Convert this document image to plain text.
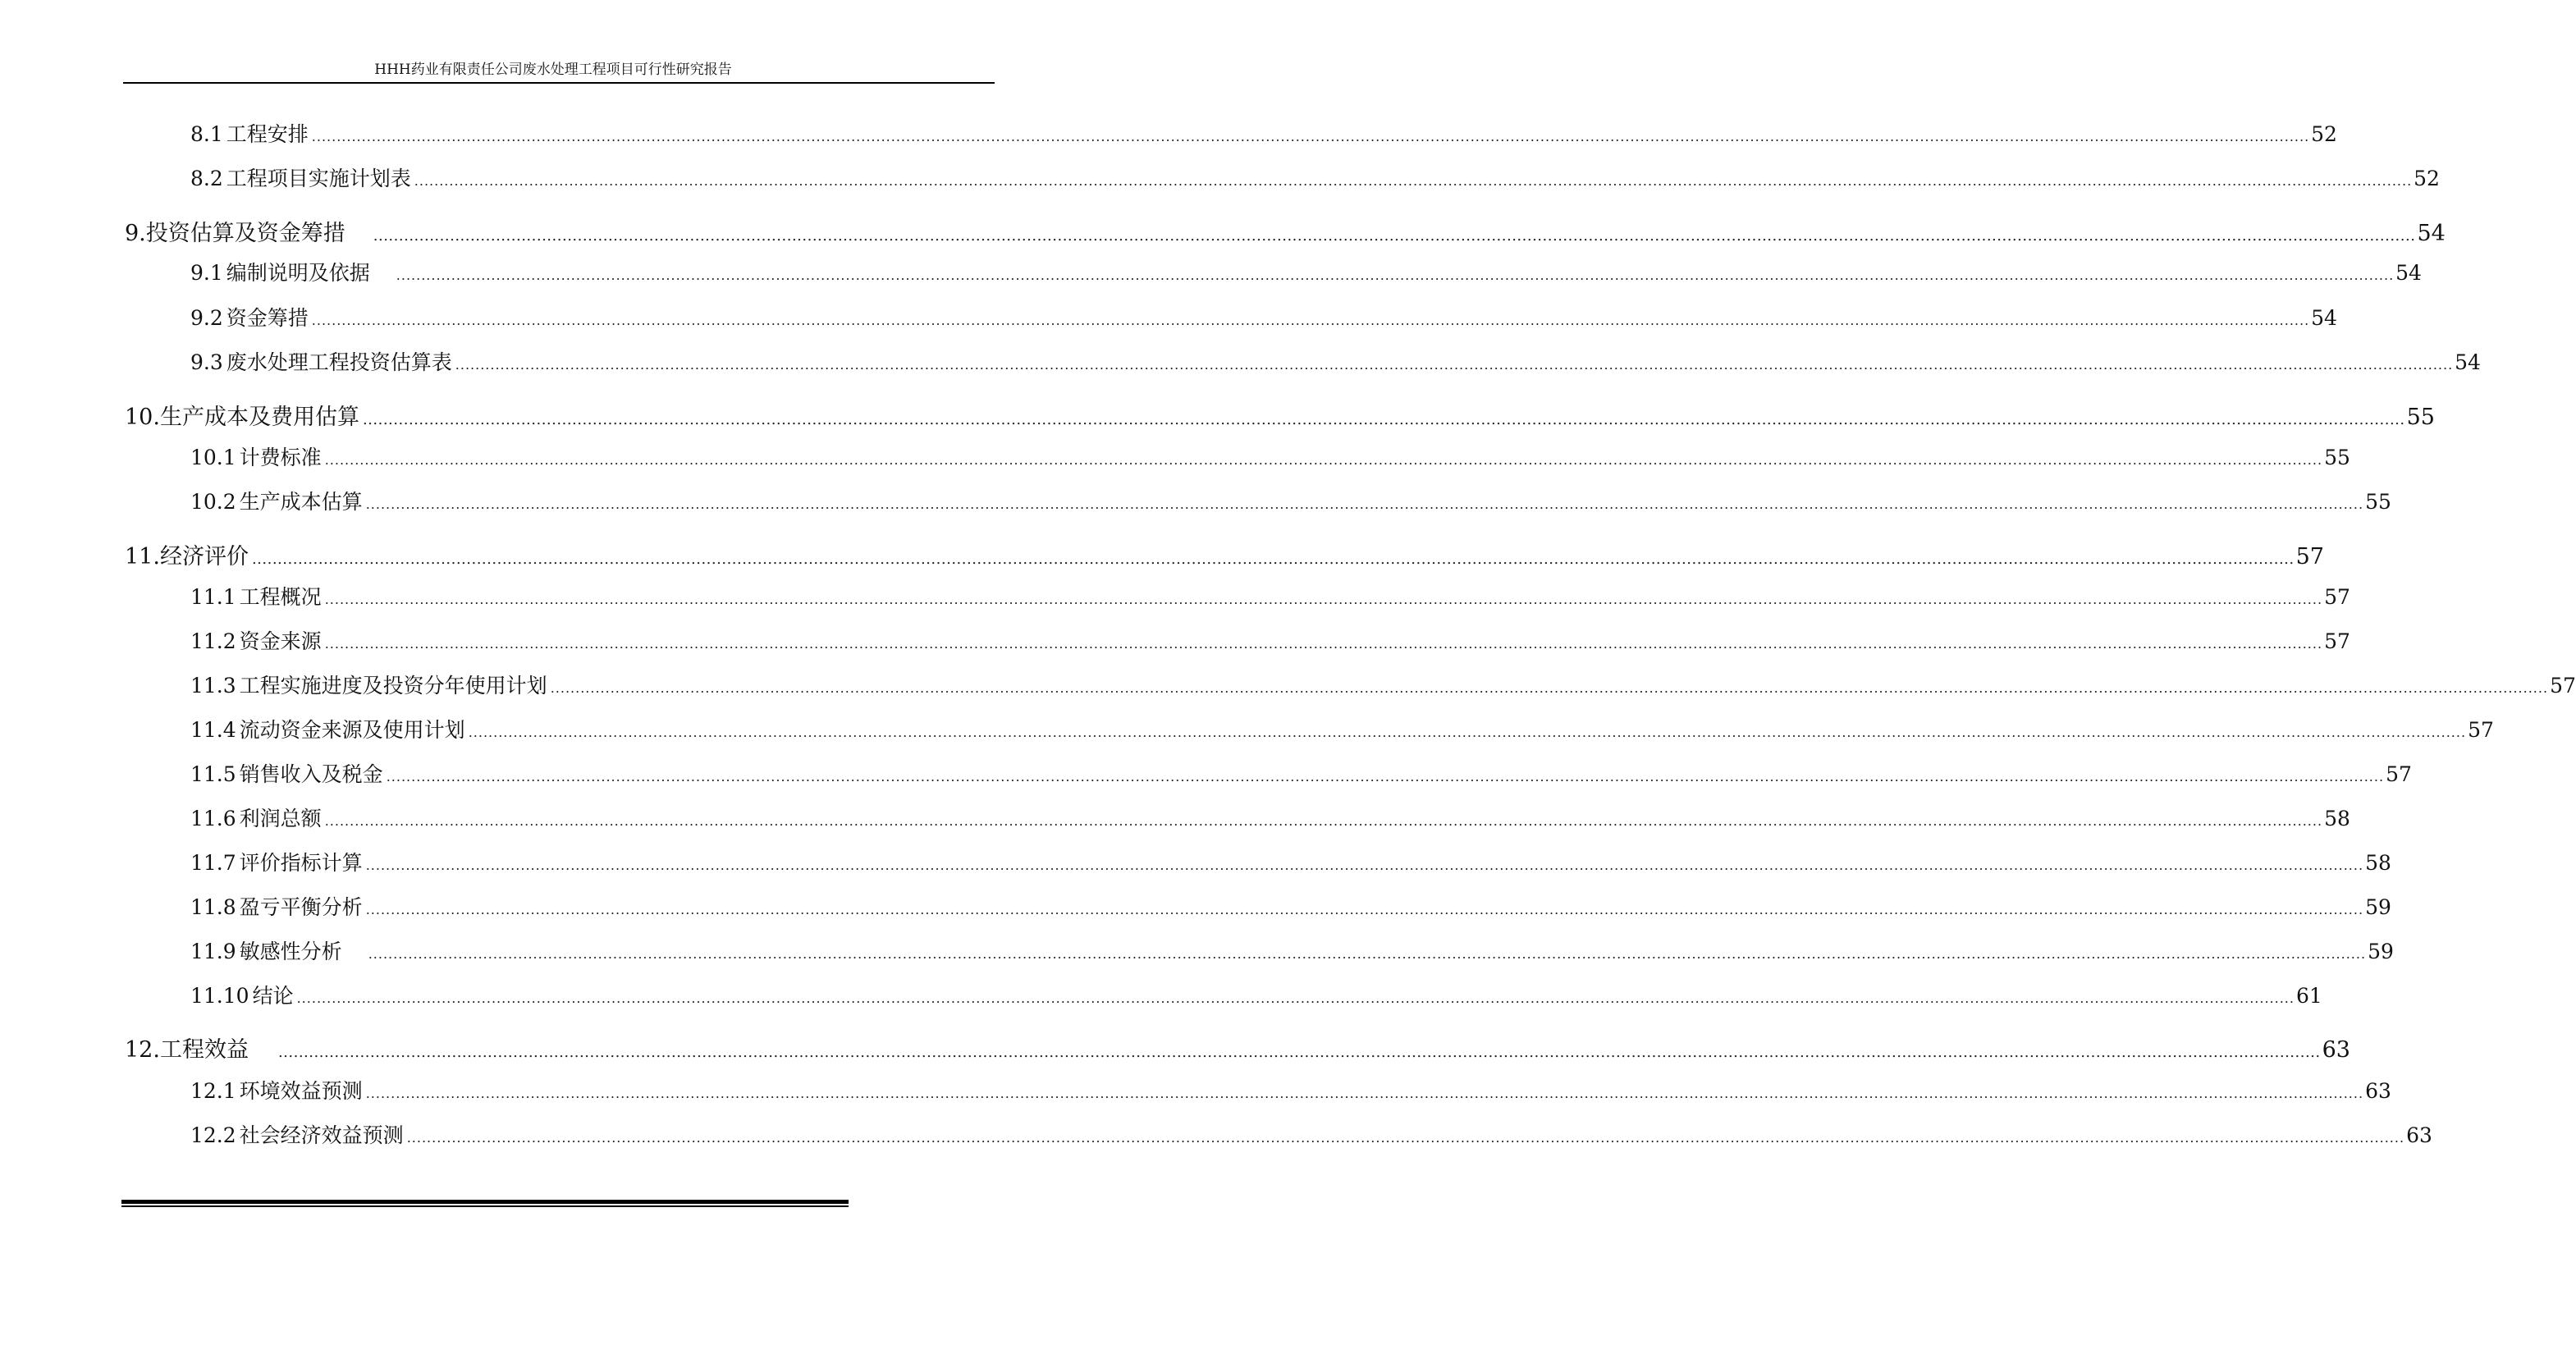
HHH药业有限责任公司废水处理工程项目可行性研究报告
8.1 工程安排 ................................................................................................................................................................................................................................................................................................................................................................................................................ 52
8.2 工程项目实施计划表 ................................................................................................................................................................................................................................................................................................................................................................................................................ 52
9. 投资估算及资金筹措 ................................................................................................................................................................................................................................................................................................................................................................................................................ 54
9.1 编制说明及依据 ................................................................................................................................................................................................................................................................................................................................................................................................................ 54
9.2 资金筹措 ................................................................................................................................................................................................................................................................................................................................................................................................................ 54
9.3 废水处理工程投资估算表 ................................................................................................................................................................................................................................................................................................................................................................................................................ 54
10. 生产成本及费用估算 ................................................................................................................................................................................................................................................................................................................................................................................................................ 55
10.1 计费标准 ................................................................................................................................................................................................................................................................................................................................................................................................................ 55
10.2 生产成本估算 ................................................................................................................................................................................................................................................................................................................................................................................................................ 55
11. 经济评价 ................................................................................................................................................................................................................................................................................................................................................................................................................ 57
11.1 工程概况 ................................................................................................................................................................................................................................................................................................................................................................................................................ 57
11.2 资金来源 ................................................................................................................................................................................................................................................................................................................................................................................................................ 57
11.3 工程实施进度及投资分年使用计划 ................................................................................................................................................................................................................................................................................................................................................................................................................ 57
11.4 流动资金来源及使用计划 ................................................................................................................................................................................................................................................................................................................................................................................................................ 57
11.5 销售收入及税金 ................................................................................................................................................................................................................................................................................................................................................................................................................ 57
11.6 利润总额 ................................................................................................................................................................................................................................................................................................................................................................................................................ 58
11.7 评价指标计算 ................................................................................................................................................................................................................................................................................................................................................................................................................ 58
11.8 盈亏平衡分析 ................................................................................................................................................................................................................................................................................................................................................................................................................ 59
11.9 敏感性分析 ................................................................................................................................................................................................................................................................................................................................................................................................................ 59
11.10 结论 ................................................................................................................................................................................................................................................................................................................................................................................................................ 61
12. 工程效益 ................................................................................................................................................................................................................................................................................................................................................................................................................ 63
12.1 环境效益预测 ................................................................................................................................................................................................................................................................................................................................................................................................................ 63
12.2 社会经济效益预测 ................................................................................................................................................................................................................................................................................................................................................................................................................ 63
